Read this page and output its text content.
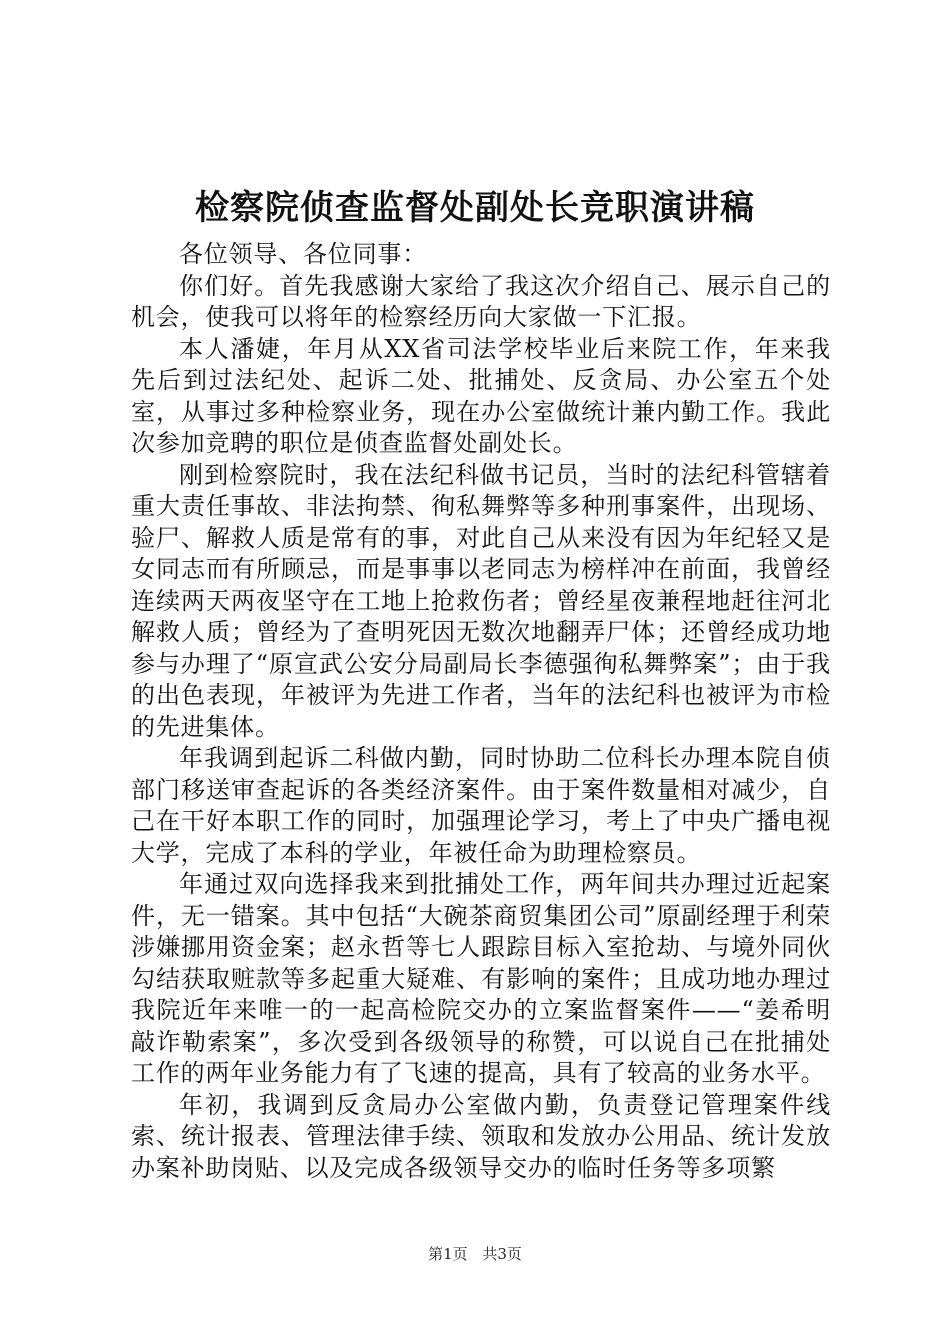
检察院侦查监督处副处长竞职演讲稿

各位领导、各位同事：

你们好。首先我感谢大家给了我这次介绍自己、展示自己的机会，使我可以将年的检察经历向大家做一下汇报。

本人潘婕，年月从XX省司法学校毕业后来院工作，年来我先后到过法纪处、起诉二处、批捕处、反贪局、办公室五个处室，从事过多种检察业务，现在办公室做统计兼内勤工作。我此次参加竞聘的职位是侦查监督处副处长。

刚到检察院时，我在法纪科做书记员，当时的法纪科管辖着重大责任事故、非法拘禁、徇私舞弊等多种刑事案件，出现场、验尸、解救人质是常有的事，对此自己从来没有因为年纪轻又是女同志而有所顾忌，而是事事以老同志为榜样冲在前面，我曾经连续两天两夜坚守在工地上抢救伤者；曾经星夜兼程地赶往河北解救人质；曾经为了查明死因无数次地翻弄尸体；还曾经成功地参与办理了“原宣武公安分局副局长李德强徇私舞弊案”；由于我的出色表现，年被评为先进工作者，当年的法纪科也被评为市检的先进集体。

年我调到起诉二科做内勤，同时协助二位科长办理本院自侦部门移送审查起诉的各类经济案件。由于案件数量相对减少，自己在干好本职工作的同时，加强理论学习，考上了中央广播电视大学，完成了本科的学业，年被任命为助理检察员。

年通过双向选择我来到批捕处工作，两年间共办理过近起案件，无一错案。其中包括“大碗茶商贸集团公司”原副经理于利荣涉嫌挪用资金案；赵永哲等七人跟踪目标入室抢劫、与境外同伙勾结获取赃款等多起重大疑难、有影响的案件；且成功地办理过我院近年来唯一的一起高检院交办的立案监督案件——“姜希明敲诈勒索案”，多次受到各级领导的称赞，可以说自己在批捕处工作的两年业务能力有了飞速的提高，具有了较高的业务水平。

年初，我调到反贪局办公室做内勤，负责登记管理案件线索、统计报表、管理法律手续、领取和发放办公用品、统计发放办案补助岗贴、以及完成各级领导交办的临时任务等多项繁

第1页 共3页
